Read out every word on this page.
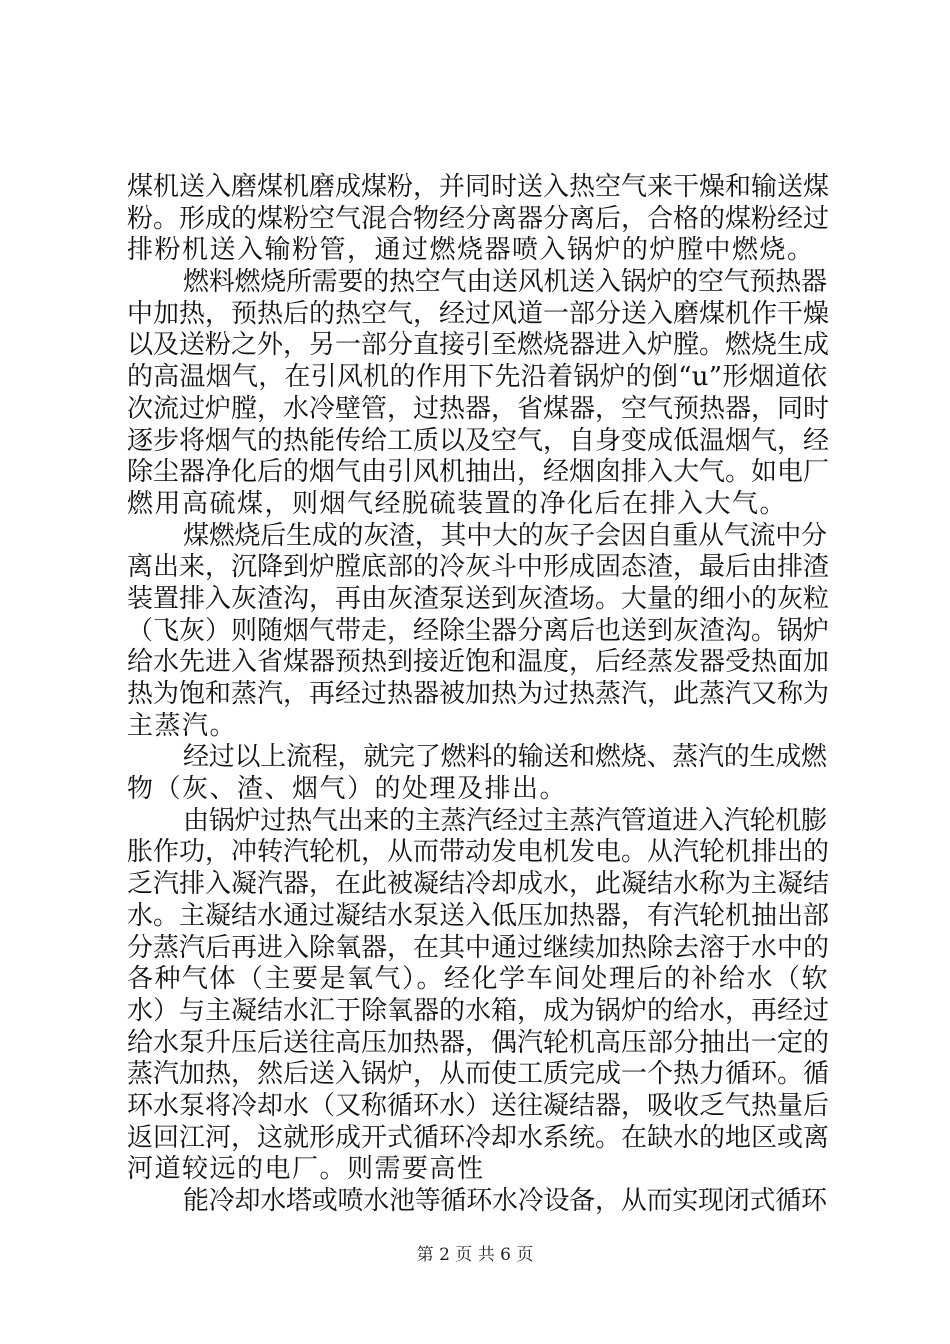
煤机送入磨煤机磨成煤粉，并同时送入热空气来干燥和输送煤
粉。形成的煤粉空气混合物经分离器分离后，合格的煤粉经过
排粉机送入输粉管，通过燃烧器喷入锅炉的炉膛中燃烧。
燃料燃烧所需要的热空气由送风机送入锅炉的空气预热器
中加热，预热后的热空气，经过风道一部分送入磨煤机作干燥
以及送粉之外，另一部分直接引至燃烧器进入炉膛。燃烧生成
的高温烟气，在引风机的作用下先沿着锅炉的倒“u”形烟道依
次流过炉膛，水冷壁管，过热器，省煤器，空气预热器，同时
逐步将烟气的热能传给工质以及空气，自身变成低温烟气，经
除尘器净化后的烟气由引风机抽出，经烟囱排入大气。如电厂
燃用高硫煤，则烟气经脱硫装置的净化后在排入大气。
煤燃烧后生成的灰渣，其中大的灰子会因自重从气流中分
离出来，沉降到炉膛底部的冷灰斗中形成固态渣，最后由排渣
装置排入灰渣沟，再由灰渣泵送到灰渣场。大量的细小的灰粒
（飞灰）则随烟气带走，经除尘器分离后也送到灰渣沟。锅炉
给水先进入省煤器预热到接近饱和温度，后经蒸发器受热面加
热为饱和蒸汽，再经过热器被加热为过热蒸汽，此蒸汽又称为
主蒸汽。
经过以上流程，就完了燃料的输送和燃烧、蒸汽的生成燃
物（灰、渣、烟气）的处理及排出。
由锅炉过热气出来的主蒸汽经过主蒸汽管道进入汽轮机膨
胀作功，冲转汽轮机，从而带动发电机发电。从汽轮机排出的
乏汽排入凝汽器，在此被凝结冷却成水，此凝结水称为主凝结
水。主凝结水通过凝结水泵送入低压加热器，有汽轮机抽出部
分蒸汽后再进入除氧器，在其中通过继续加热除去溶于水中的
各种气体（主要是氧气）。经化学车间处理后的补给水（软
水）与主凝结水汇于除氧器的水箱，成为锅炉的给水，再经过
给水泵升压后送往高压加热器，偶汽轮机高压部分抽出一定的
蒸汽加热，然后送入锅炉，从而使工质完成一个热力循环。循
环水泵将冷却水（又称循环水）送往凝结器，吸收乏气热量后
返回江河，这就形成开式循环冷却水系统。在缺水的地区或离
河道较远的电厂。则需要高性
能冷却水塔或喷水池等循环水冷设备，从而实现闭式循环
第 2 页 共 6 页
